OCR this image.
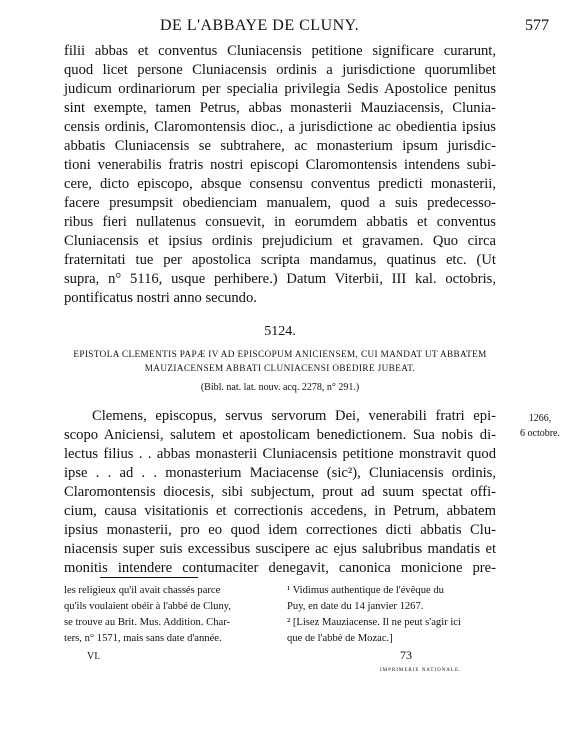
DE L'ABBAYE DE CLUNY.	577
filii abbas et conventus Cluniacensis petitione significare curarunt,
quod licet persone Cluniacensis ordinis a jurisdictione quorumlibet
judicum ordinariorum per specialia privilegia Sedis Apostolice penitus
sint exempte, tamen Petrus, abbas monasterii Mauziacensis, Cluniа-
censis ordinis, Claromontensis dioc., a jurisdictione ac obedientia ipsius
abbatis Cluniacensis se subtrahere, ac monasterium ipsum jurisdic-
tioni venerabilis fratris nostri episcopi Claromontensis intendens subi-
cere, dicto episcopo, absque consensu conventus predicti monasterii,
facere presumpsit obedienciam manualem, quod a suis predecesso-
ribus fieri nullatenus consuevit, in eorumdem abbatis et conventus
Cluniacensis et ipsius ordinis prejudicium et gravamen. Quo circa
fraternitati tue per apostolica scripta mandamus, quatinus etc. (Ut
supra, n° 5116, usque perhibere.) Datum Viterbii, III kal. octobris,
pontificatus nostri anno secundo.
5124.
EPISTOLA CLEMENTIS PAPÆ IV AD EPISCOPUM ANICIENSEM, CUI MANDAT UT ABBATEM
MAUZIACENSEM ABBATI CLUNIACENSI OBEDIRE JUBEAT.
(Bibl. nat. lat. nouv. acq. 2278, n° 291.)
1266,
6 octobre.
Clemens, episcopus, servus servorum Dei, venerabili fratri epi-
scopo Aniciensi, salutem et apostolicam benedictionem. Sua nobis di-
lectus filius . . abbas monasterii Cluniacensis petitione monstravit quod
ipse . . ad . . monasterium Maciacense (sic²), Cluniacensis ordinis,
Claromontensis diocesis, sibi subjectum, prout ad suum spectat offi-
cium, causa visitationis et correctionis accedens, in Petrum, abbatem
ipsius monasterii, pro eo quod idem correctiones dicti abbatis Clu-
niacensis super suis excessibus suscipere ac ejus salubribus mandatis et
monitis intendere contumaciter denegavit, canonica monicione pre-
les religieux qu'il avait chassés parce
qu'ils voulaient obéir à l'abbé de Cluny,
se trouve au Brit. Mus. Addition. Char-
ters, n° 1571, mais sans date d'année.
¹ Vidimus authentique de l'évêque du
Puy, en date du 14 janvier 1267.
² [Lisez Mauziacense. Il ne peut s'agir ici
que de l'abbé de Mozac.]
VI.	73
IMPRIMERIE NATIONALE.
